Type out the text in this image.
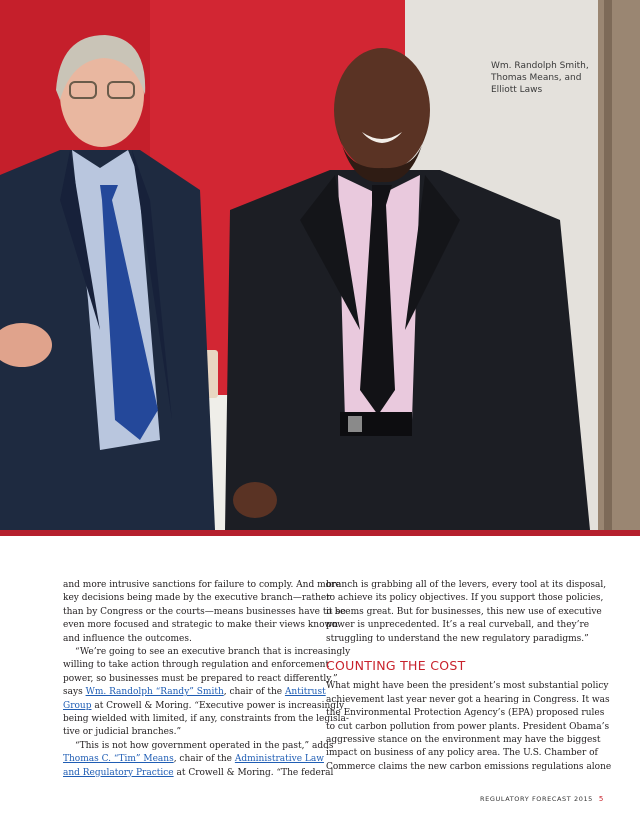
Wm. Randolph Smith,
Thomas Means, and
Elliott Laws

and more intrusive sanctions for failure to comply. And more
key decisions being made by the executive branch—rather
than by Congress or the courts—means businesses have to be
even more focused and strategic to make their views known
and influence the outcomes.

“We’re going to see an executive branch that is increasingly
willing to take action through regulation and enforcement
power, so businesses must be prepared to react differently,”
says Wm. Randolph “Randy” Smith, chair of the Antitrust
Group at Crowell & Moring. “Executive power is increasingly
being wielded with limited, if any, constraints from the legisla-
tive or judicial branches.”

“This is not how government operated in the past,” adds
Thomas C. “Tim” Means, chair of the Administrative Law
and Regulatory Practice at Crowell & Moring. “The federal

branch is grabbing all of the levers, every tool at its disposal,
to achieve its policy objectives. If you support those policies,
it seems great. But for businesses, this new use of executive
power is unprecedented. It’s a real curveball, and they’re
struggling to understand the new regulatory paradigms.”

COUNTING THE COST

What might have been the president’s most substantial policy
achievement last year never got a hearing in Congress. It was
the Environmental Protection Agency’s (EPA) proposed rules
to cut carbon pollution from power plants. President Obama’s
aggressive stance on the environment may have the biggest
impact on business of any policy area. The U.S. Chamber of
Commerce claims the new carbon emissions regulations alone

REGULATORY FORECAST 2015 5
